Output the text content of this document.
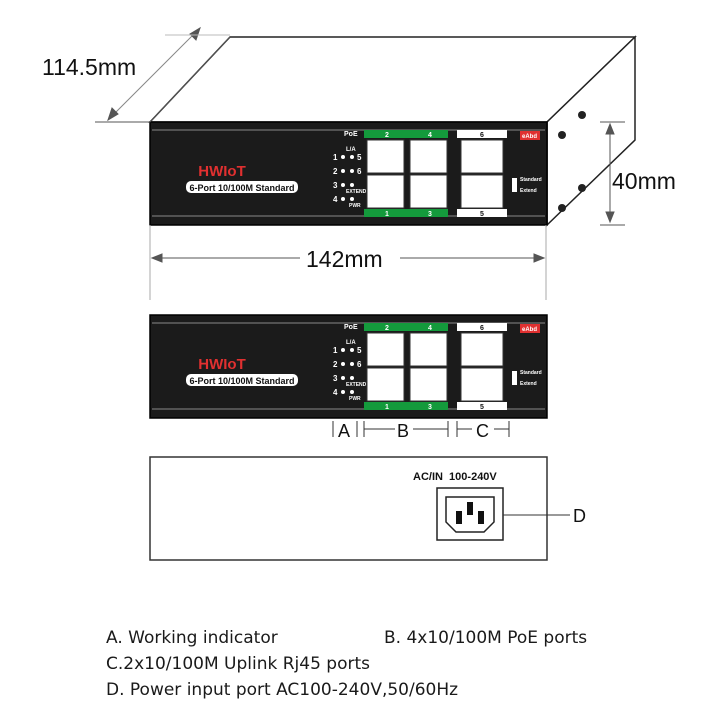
HWIoT
6-Port 10/100M Standard
PoE
L/A
1 5
2 6
3
4
EXTEND
PWR
2	4
1	3
6
5
eAbd
Standard
Extend
114.5mm
40mm
142mm
HWIoT
6-Port 10/100M Standard
PoE
L/A
1 5
2 6
3
4
EXTEND
PWR
2	4
1	3
6
5
eAbd
Standard
Extend
A	B	C
AC/IN  100-240V
D
A. Working indicator	B. 4x10/100M PoE ports
C.2x10/100M Uplink Rj45 ports
D. Power input port AC100-240V,50/60Hz
